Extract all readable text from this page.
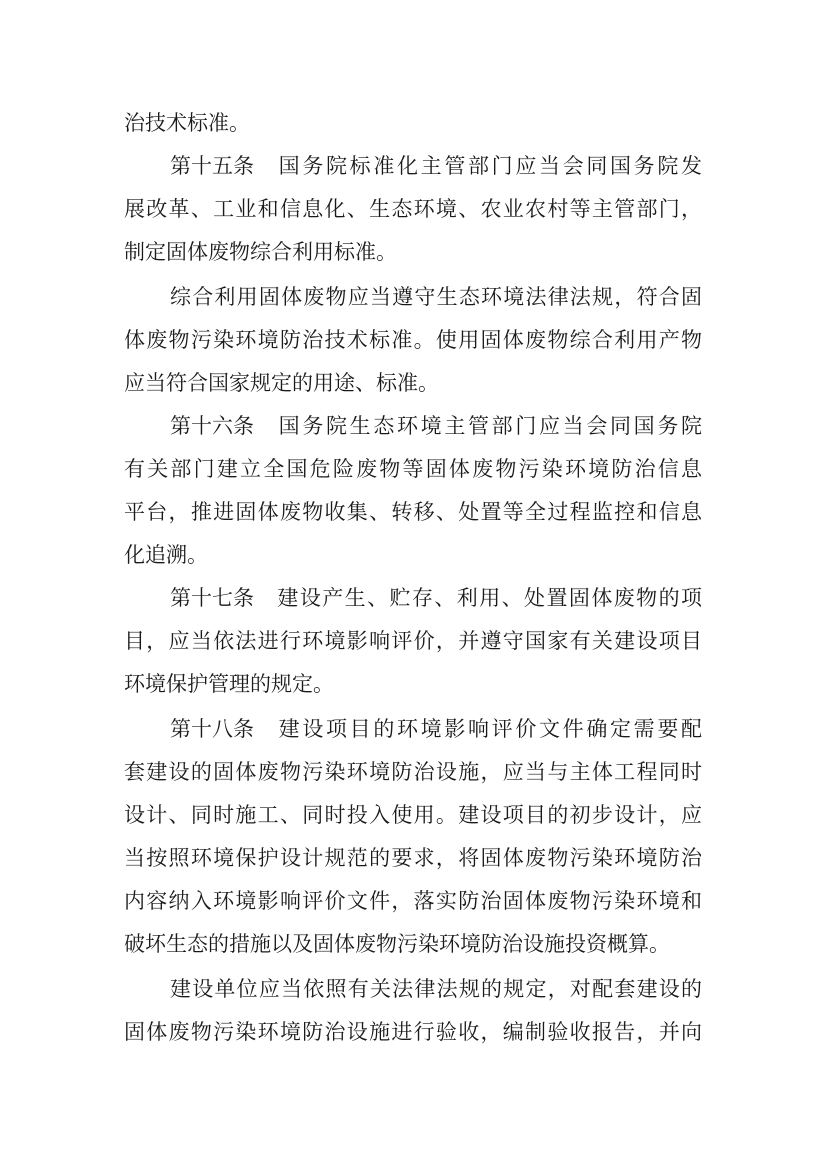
治技术标准。
第十五条 国务院标准化主管部门应当会同国务院发
展改革、工业和信息化、生态环境、农业农村等主管部门，
制定固体废物综合利用标准。
综合利用固体废物应当遵守生态环境法律法规，符合固
体废物污染环境防治技术标准。使用固体废物综合利用产物
应当符合国家规定的用途、标准。
第十六条 国务院生态环境主管部门应当会同国务院
有关部门建立全国危险废物等固体废物污染环境防治信息
平台，推进固体废物收集、转移、处置等全过程监控和信息
化追溯。
第十七条 建设产生、贮存、利用、处置固体废物的项
目，应当依法进行环境影响评价，并遵守国家有关建设项目
环境保护管理的规定。
第十八条 建设项目的环境影响评价文件确定需要配
套建设的固体废物污染环境防治设施，应当与主体工程同时
设计、同时施工、同时投入使用。建设项目的初步设计，应
当按照环境保护设计规范的要求，将固体废物污染环境防治
内容纳入环境影响评价文件，落实防治固体废物污染环境和
破坏生态的措施以及固体废物污染环境防治设施投资概算。
建设单位应当依照有关法律法规的规定，对配套建设的
固体废物污染环境防治设施进行验收，编制验收报告，并向
